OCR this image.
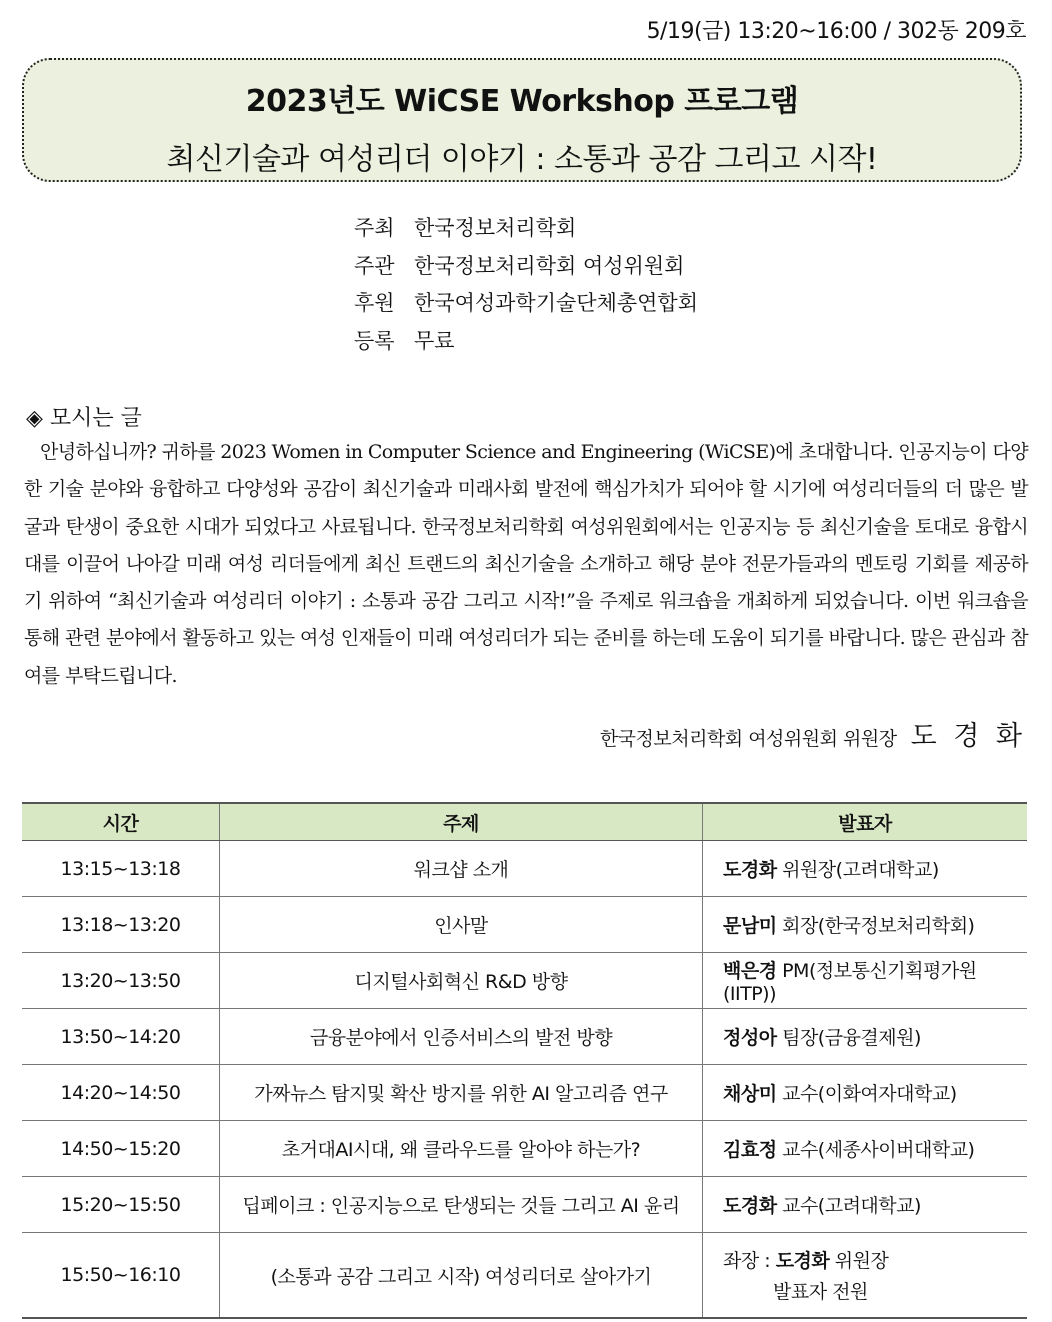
5/19(금) 13:20~16:00 / 302동 209호
2023년도 WiCSE Workshop 프로그램
최신기술과 여성리더 이야기 : 소통과 공감 그리고 시작!
주최 한국정보처리학회
주관 한국정보처리학회 여성위원회
후원 한국여성과학기술단체총연합회
등록 무료
◈ 모시는 글

안녕하십니까? 귀하를 2023 Women in Computer Science and Engineering (WiCSE)에 초대합니다. 인공지능이 다양한 기술 분야와 융합하고 다양성와 공감이 최신기술과 미래사회 발전에 핵심가치가 되어야 할 시기에 여성리더들의 더 많은 발굴과 탄생이 중요한 시대가 되었다고 사료됩니다. 한국정보처리학회 여성위원회에서는 인공지능 등 최신기술을 토대로 융합시대를 이끌어 나아갈 미래 여성 리더들에게 최신 트랜드의 최신기술을 소개하고 해당 분야 전문가들과의 멘토링 기회를 제공하기 위하여 “최신기술과 여성리더 이야기 : 소통과 공감 그리고 시작!”을 주제로 워크숍을 개최하게 되었습니다. 이번 워크숍을 통해 관련 분야에서 활동하고 있는 여성 인재들이 미래 여성리더가 되는 준비를 하는데 도움이 되기를 바랍니다. 많은 관심과 참여를 부탁드립니다.

한국정보처리학회 여성위원회 위원장 도 경 화
시간	주제	발표자
13:15~13:18	워크샵 소개	도경화 위원장(고려대학교)
13:18~13:20	인사말	문남미 회장(한국정보처리학회)
13:20~13:50	디지털사회혁신 R&D 방향	백은경 PM(정보통신기획평가원(IITP))
13:50~14:20	금융분야에서 인증서비스의 발전 방향	정성아 팀장(금융결제원)
14:20~14:50	가짜뉴스 탐지및 확산 방지를 위한 AI 알고리즘 연구	채상미 교수(이화여자대학교)
14:50~15:20	초거대AI시대, 왜 클라우드를 알아야 하는가?	김효정 교수(세종사이버대학교)
15:20~15:50	딥페이크 : 인공지능으로 탄생되는 것들 그리고 AI 윤리	도경화 교수(고려대학교)
15:50~16:10	(소통과 공감 그리고 시작) 여성리더로 살아가기	좌장 : 도경화 위원장
발표자 전원
